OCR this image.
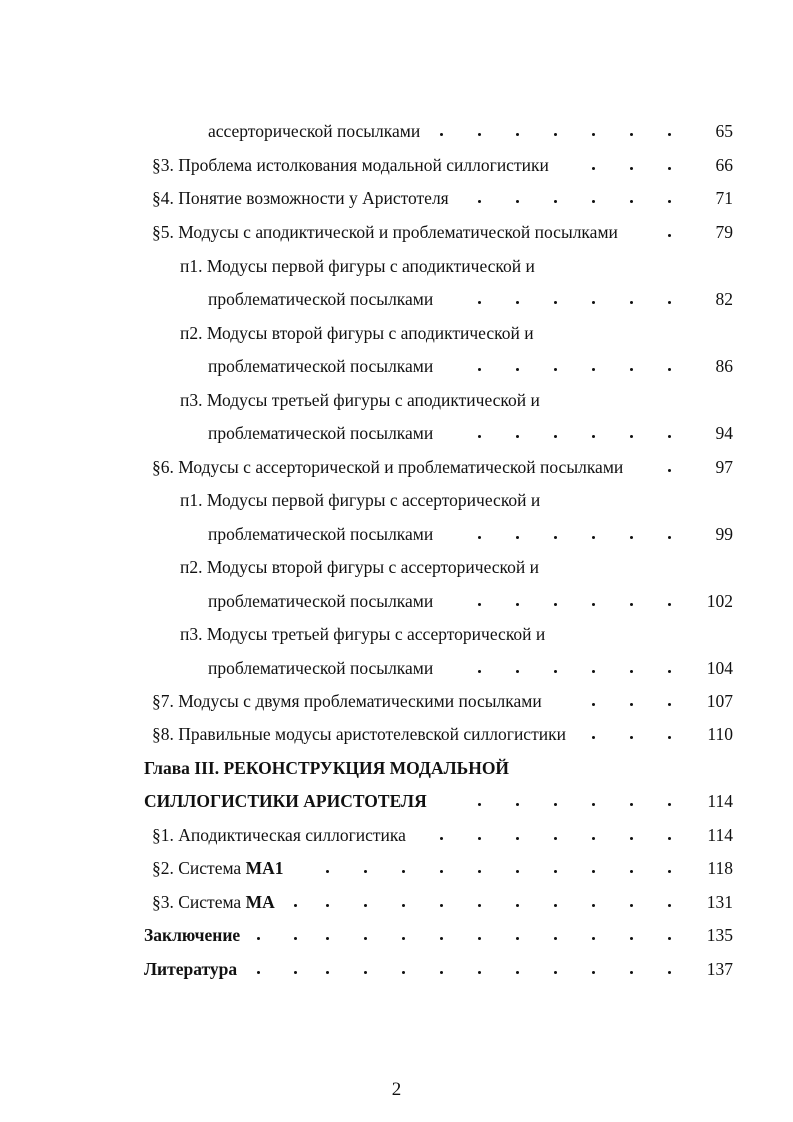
ассерторической посылками	65
§3. Проблема истолкования модальной силлогистики	66
§4. Понятие возможности у Аристотеля	71
§5. Модусы с аподиктической и проблематической посылками	79
п1. Модусы первой фигуры с аподиктической и
проблематической посылками	82
п2. Модусы второй фигуры с аподиктической и
проблематической посылками	86
п3. Модусы третьей фигуры с аподиктической и
проблематической посылками	94
§6. Модусы с ассерторической и проблематической посылками	97
п1. Модусы первой фигуры с ассерторической и
проблематической посылками	99
п2. Модусы второй фигуры с ассерторической и
проблематической посылками	102
п3. Модусы третьей фигуры с ассерторической и
проблематической посылками	104
§7. Модусы с двумя проблематическими посылками	107
§8. Правильные модусы аристотелевской силлогистики	110
Глава III. РЕКОНСТРУКЦИЯ МОДАЛЬНОЙ
СИЛЛОГИСТИКИ АРИСТОТЕЛЯ	114
§1. Аподиктическая силлогистика	114
§2. Система МА1	118
§3. Система МА	131
Заключение	135
Литература	137
2
